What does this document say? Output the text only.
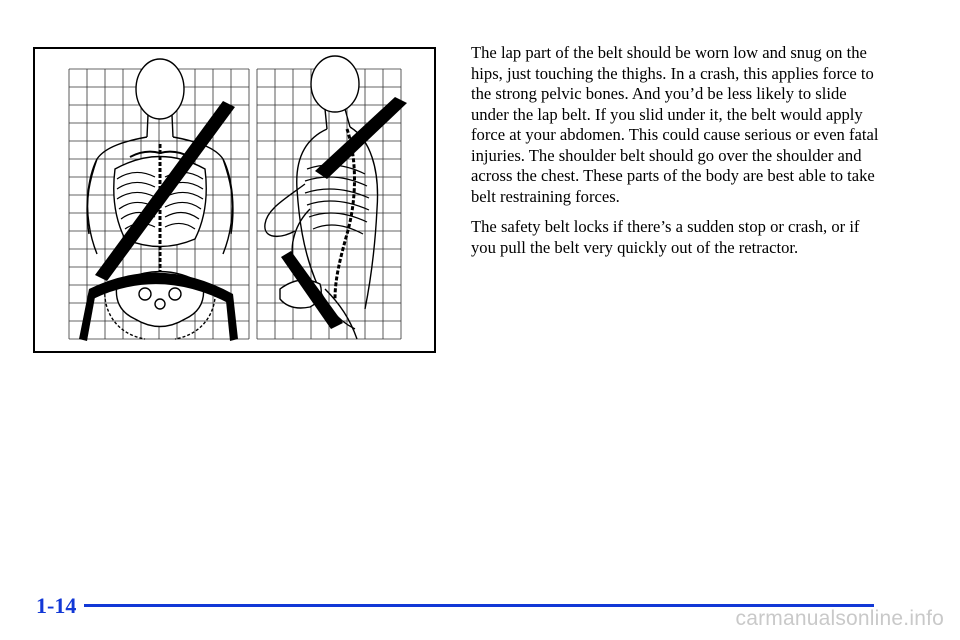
The lap part of the belt should be worn low and snug on the hips, just touching the thighs. In a crash, this applies force to the strong pelvic bones. And you’d be less likely to slide under the lap belt. If you slid under it, the belt would apply force at your abdomen. This could cause serious or even fatal injuries. The shoulder belt should go over the shoulder and across the chest. These parts of the body are best able to take belt restraining forces.

The safety belt locks if there’s a sudden stop or crash, or if you pull the belt very quickly out of the retractor.

1-14
carmanualsonline.info
